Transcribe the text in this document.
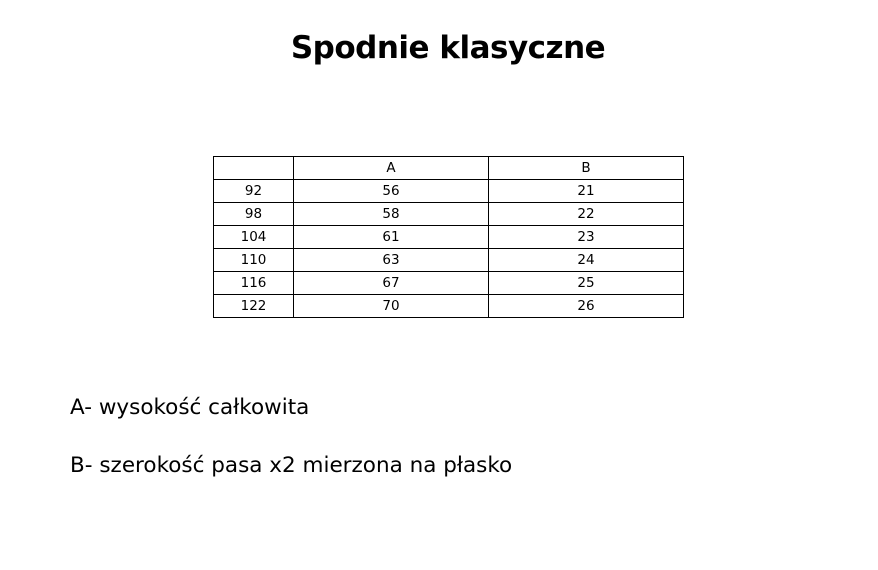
Spodnie klasyczne
	A	B
92	56	21
98	58	22
104	61	23
110	63	24
116	67	25
122	70	26
A- wysokość całkowita
B- szerokość pasa x2 mierzona na płasko
